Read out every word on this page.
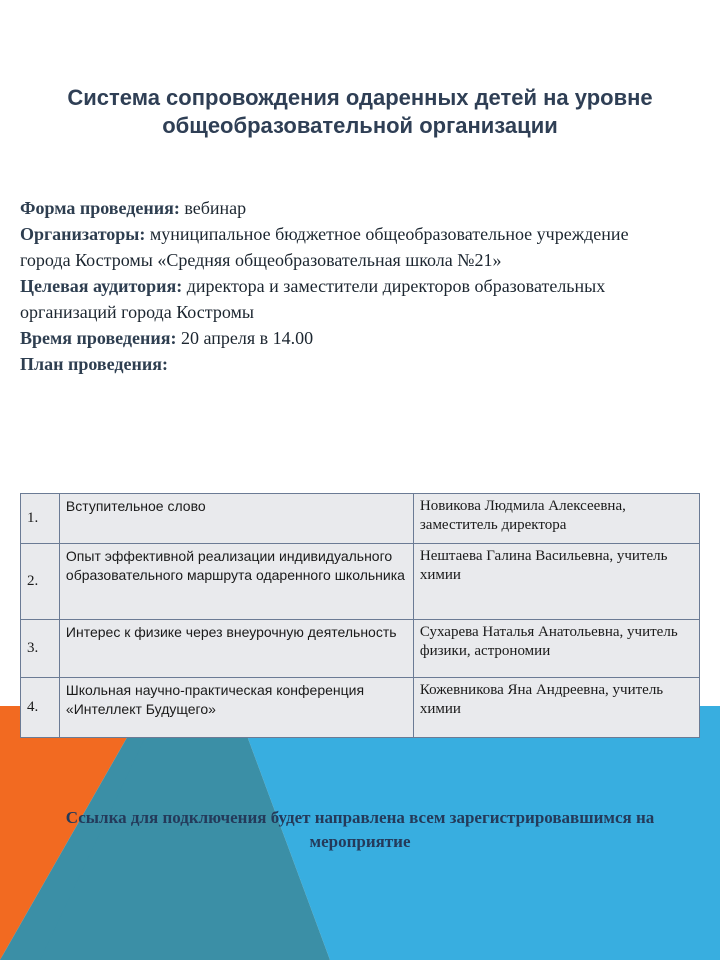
Система сопровождения одаренных детей на уровне общеобразовательной организации
Форма проведения: вебинар
Организаторы: муниципальное бюджетное общеобразовательное учреждение города Костромы «Средняя общеобразовательная школа №21»
Целевая аудитория: директора и заместители директоров образовательных организаций города Костромы
Время проведения: 20 апреля в 14.00
План проведения:
1.	Вступительное слово	Новикова Людмила Алексеевна, заместитель директора
2.	Опыт эффективной реализации индивидуального образовательного маршрута одаренного школьника	Нештаева Галина Васильевна, учитель химии
3.	Интерес к физике через внеурочную деятельность	Сухарева Наталья Анатольевна, учитель физики, астрономии
4.	Школьная научно-практическая конференция «Интеллект Будущего»	Кожевникова Яна Андреевна, учитель химии
Ссылка для подключения будет направлена всем зарегистрировавшимся на мероприятие
